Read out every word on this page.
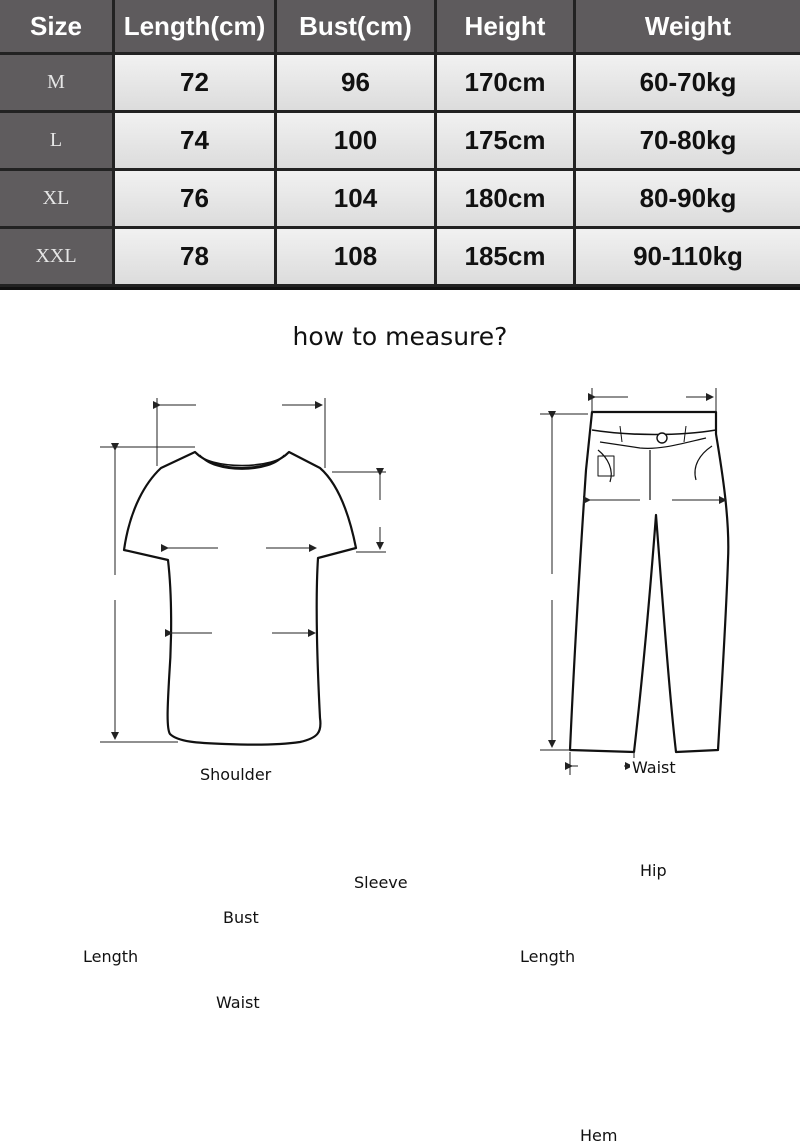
Size	Length(cm)	Bust(cm)	Height	Weight
M	72	96	170cm	60-70kg
L	74	100	175cm	70-80kg
XL	76	104	180cm	80-90kg
XXL	78	108	185cm	90-110kg
how to measure?
Shoulder
Sleeve
Bust
Length
Waist
Waist
Hip
Length
Hem
